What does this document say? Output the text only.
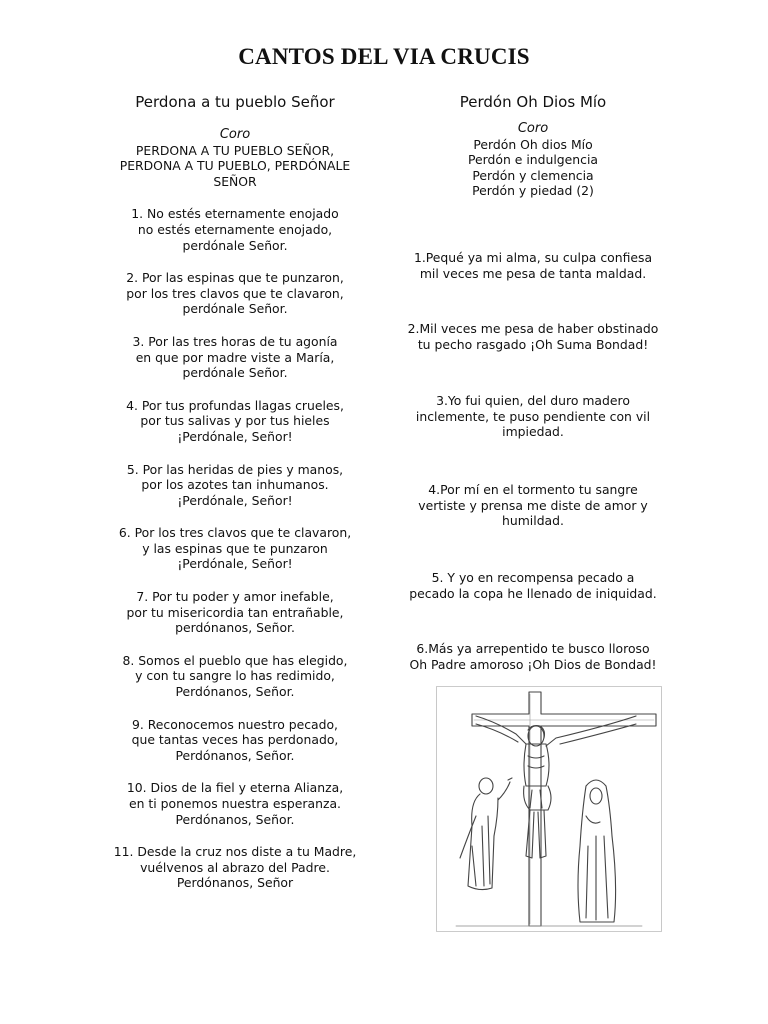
CANTOS DEL VIA CRUCIS
Perdona a tu pueblo Señor
Coro
PERDONA A TU PUEBLO SEÑOR,
PERDONA A TU PUEBLO, PERDÓNALE
SEÑOR
1. No estés eternamente enojado
no estés eternamente enojado,
perdónale Señor.
2. Por las espinas que te punzaron,
por los tres clavos que te clavaron,
perdónale Señor.
3. Por las tres horas de tu agonía
en que por madre viste a María,
perdónale Señor.
4. Por tus profundas llagas crueles,
por tus salivas y por tus hieles
¡Perdónale, Señor!
5. Por las heridas de pies y manos,
por los azotes tan inhumanos.
¡Perdónale, Señor!
6. Por los tres clavos que te clavaron,
y las espinas que te punzaron
¡Perdónale, Señor!
7. Por tu poder y amor inefable,
por tu misericordia tan entrañable,
perdónanos, Señor.
8. Somos el pueblo que has elegido,
y con tu sangre lo has redimido,
Perdónanos, Señor.
9. Reconocemos nuestro pecado,
que tantas veces has perdonado,
Perdónanos, Señor.
10. Dios de la fiel y eterna Alianza,
en ti ponemos nuestra esperanza.
Perdónanos, Señor.
11. Desde la cruz nos diste a tu Madre,
vuélvenos al abrazo del Padre.
Perdónanos, Señor
Perdón Oh Dios Mío
Coro
Perdón Oh dios Mío
Perdón e indulgencia
Perdón y clemencia
Perdón y piedad (2)
1.Pequé ya mi alma, su culpa confiesa
mil veces me pesa de tanta maldad.
2.Mil veces me pesa de haber obstinado
tu pecho rasgado ¡Oh Suma Bondad!
3.Yo fui quien, del duro madero
inclemente, te puso pendiente con vil
impiedad.
4.Por mí en el tormento tu sangre
vertiste y prensa me diste de amor y
humildad.
5. Y yo en recompensa pecado a
pecado la copa he llenado de iniquidad.
6.Más ya arrepentido te busco lloroso
Oh Padre amoroso ¡Oh Dios de Bondad!
